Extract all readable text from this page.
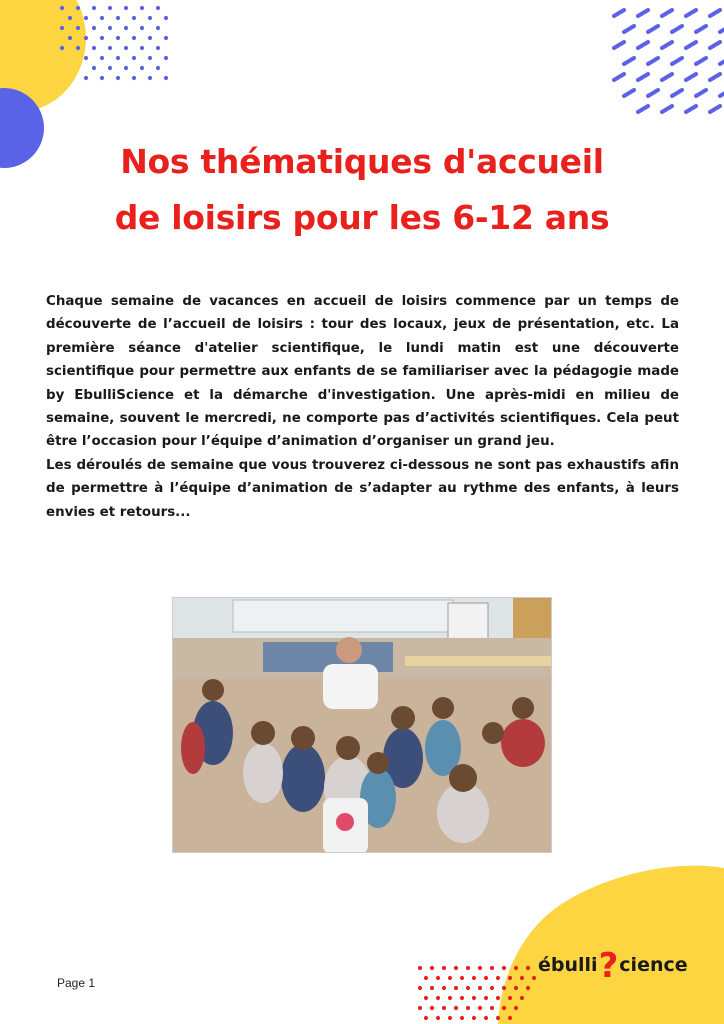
Nos thématiques d'accueil
de loisirs pour les 6-12 ans

Chaque semaine de vacances en accueil de loisirs commence par un temps de découverte de l’accueil de loisirs : tour des locaux, jeux de présentation, etc. La première séance d'atelier scientifique, le lundi matin est une découverte scientifique pour permettre aux enfants de se familiariser avec la pédagogie made by EbulliScience et la démarche d'investigation. Une après-midi en milieu de semaine, souvent le mercredi, ne comporte pas d’activités scientifiques. Cela peut être l’occasion pour l’équipe d’animation d’organiser un grand jeu.

Les déroulés de semaine que vous trouverez ci-dessous ne sont pas exhaustifs afin de permettre à l’équipe d’animation de s’adapter au rythme des enfants, à leurs envies et retours...

Page 1
ébulli?cience
